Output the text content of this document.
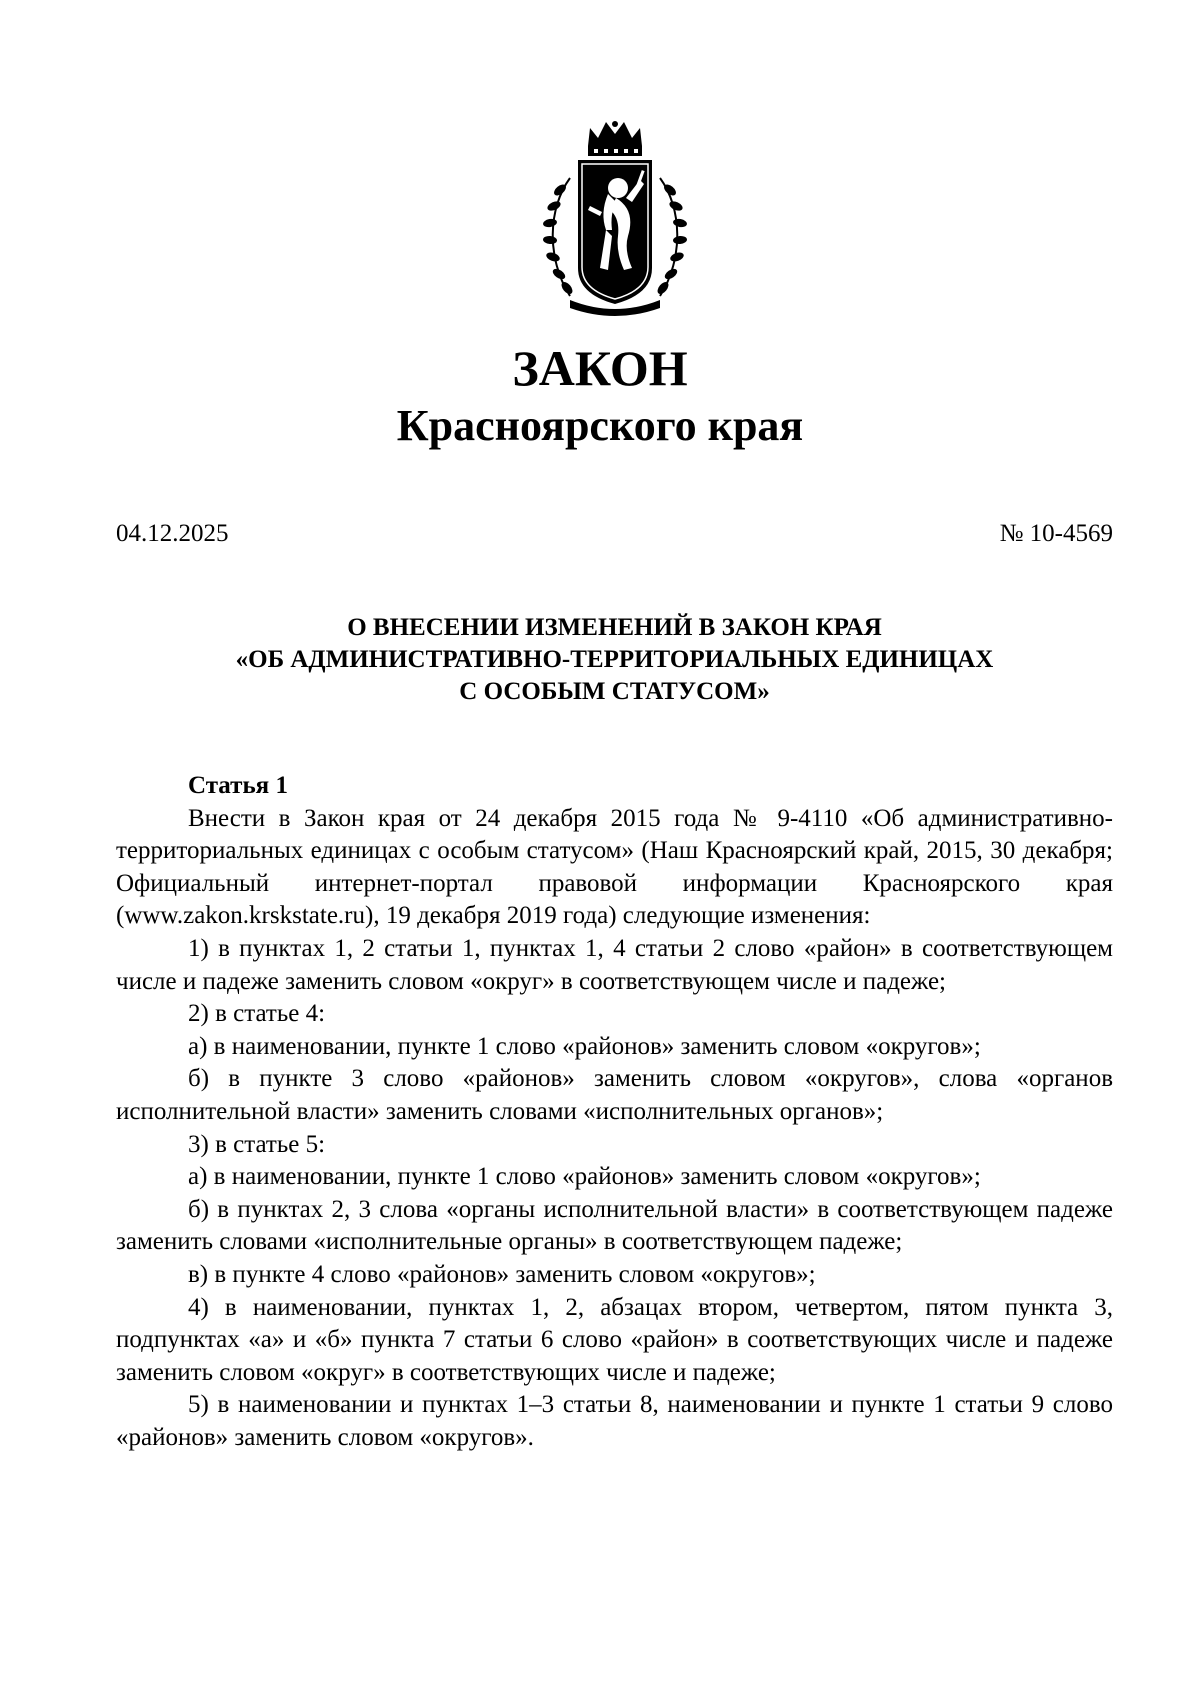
ЗАКОН
Красноярского края
04.12.2025	№ 10-4569
О ВНЕСЕНИИ ИЗМЕНЕНИЙ В ЗАКОН КРАЯ
«ОБ АДМИНИСТРАТИВНО-ТЕРРИТОРИАЛЬНЫХ ЕДИНИЦАХ
С ОСОБЫМ СТАТУСОМ»
Статья 1

Внести в Закон края от 24 декабря 2015 года № 9-4110 «Об административно-территориальных единицах с особым статусом» (Наш Красноярский край, 2015, 30 декабря; Официальный интернет-портал правовой информации Красноярского края (www.zakon.krskstate.ru), 19 декабря 2019 года) следующие изменения:

1) в пунктах 1, 2 статьи 1, пунктах 1, 4 статьи 2 слово «район» в соответствующем числе и падеже заменить словом «округ» в соответствующем числе и падеже;

2) в статье 4:

а) в наименовании, пункте 1 слово «районов» заменить словом «округов»;

б) в пункте 3 слово «районов» заменить словом «округов», слова «органов исполнительной власти» заменить словами «исполнительных органов»;

3) в статье 5:

а) в наименовании, пункте 1 слово «районов» заменить словом «округов»;

б) в пунктах 2, 3 слова «органы исполнительной власти» в соответствующем падеже заменить словами «исполнительные органы» в соответствующем падеже;

в) в пункте 4 слово «районов» заменить словом «округов»;

4) в наименовании, пунктах 1, 2, абзацах втором, четвертом, пятом пункта 3, подпунктах «а» и «б» пункта 7 статьи 6 слово «район» в соответствующих числе и падеже заменить словом «округ» в соответствующих числе и падеже;

5) в наименовании и пунктах 1–3 статьи 8, наименовании и пункте 1 статьи 9 слово «районов» заменить словом «округов».
